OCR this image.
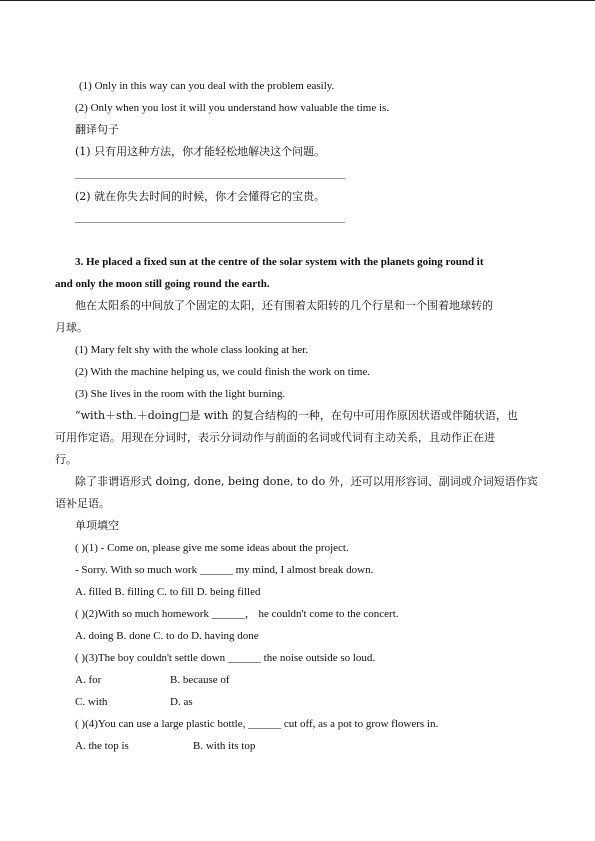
(1) Only in this way can you deal with the problem easily.
(2) Only when you lost it will you understand how valuable the time is.
翻译句子
(1) 只有用这种方法，你才能轻松地解决这个问题。
(2) 就在你失去时间的时候，你才会懂得它的宝贵。
3. He placed a fixed sun at the centre of the solar system with the planets going round it
and only the moon still going round the earth.
他在太阳系的中间放了个固定的太阳，还有围着太阳转的几个行星和一个围着地球转的
月球。
(1) Mary felt shy with the whole class looking at her.
(2) With the machine helping us, we could finish the work on time.
(3) She lives in the room with the light burning.
“with＋sth.＋doing□是 with 的复合结构的一种，在句中可用作原因状语或伴随状语，也
可用作定语。用现在分词时，表示分词动作与前面的名词或代词有主动关系，且动作正在进
行。
除了非谓语形式 doing, done, being done, to do 外，还可以用形容词、副词或介词短语作宾
语补足语。
单项填空
( )(1) - Come on, please give me some ideas about the project.
- Sorry. With so much work ______ my mind, I almost break down.
A. filled B. filling C. to fill D. being filled
( )(2)With so much homework ______， he couldn't come to the concert.
A. doing B. done C. to do D. having done
( )(3)The boy couldn't settle down ______ the noise outside so loud.
A. for	B. because of
C. with	D. as
( )(4)You can use a large plastic bottle, ______ cut off, as a pot to grow flowers in.
A. the top is	B. with its top
